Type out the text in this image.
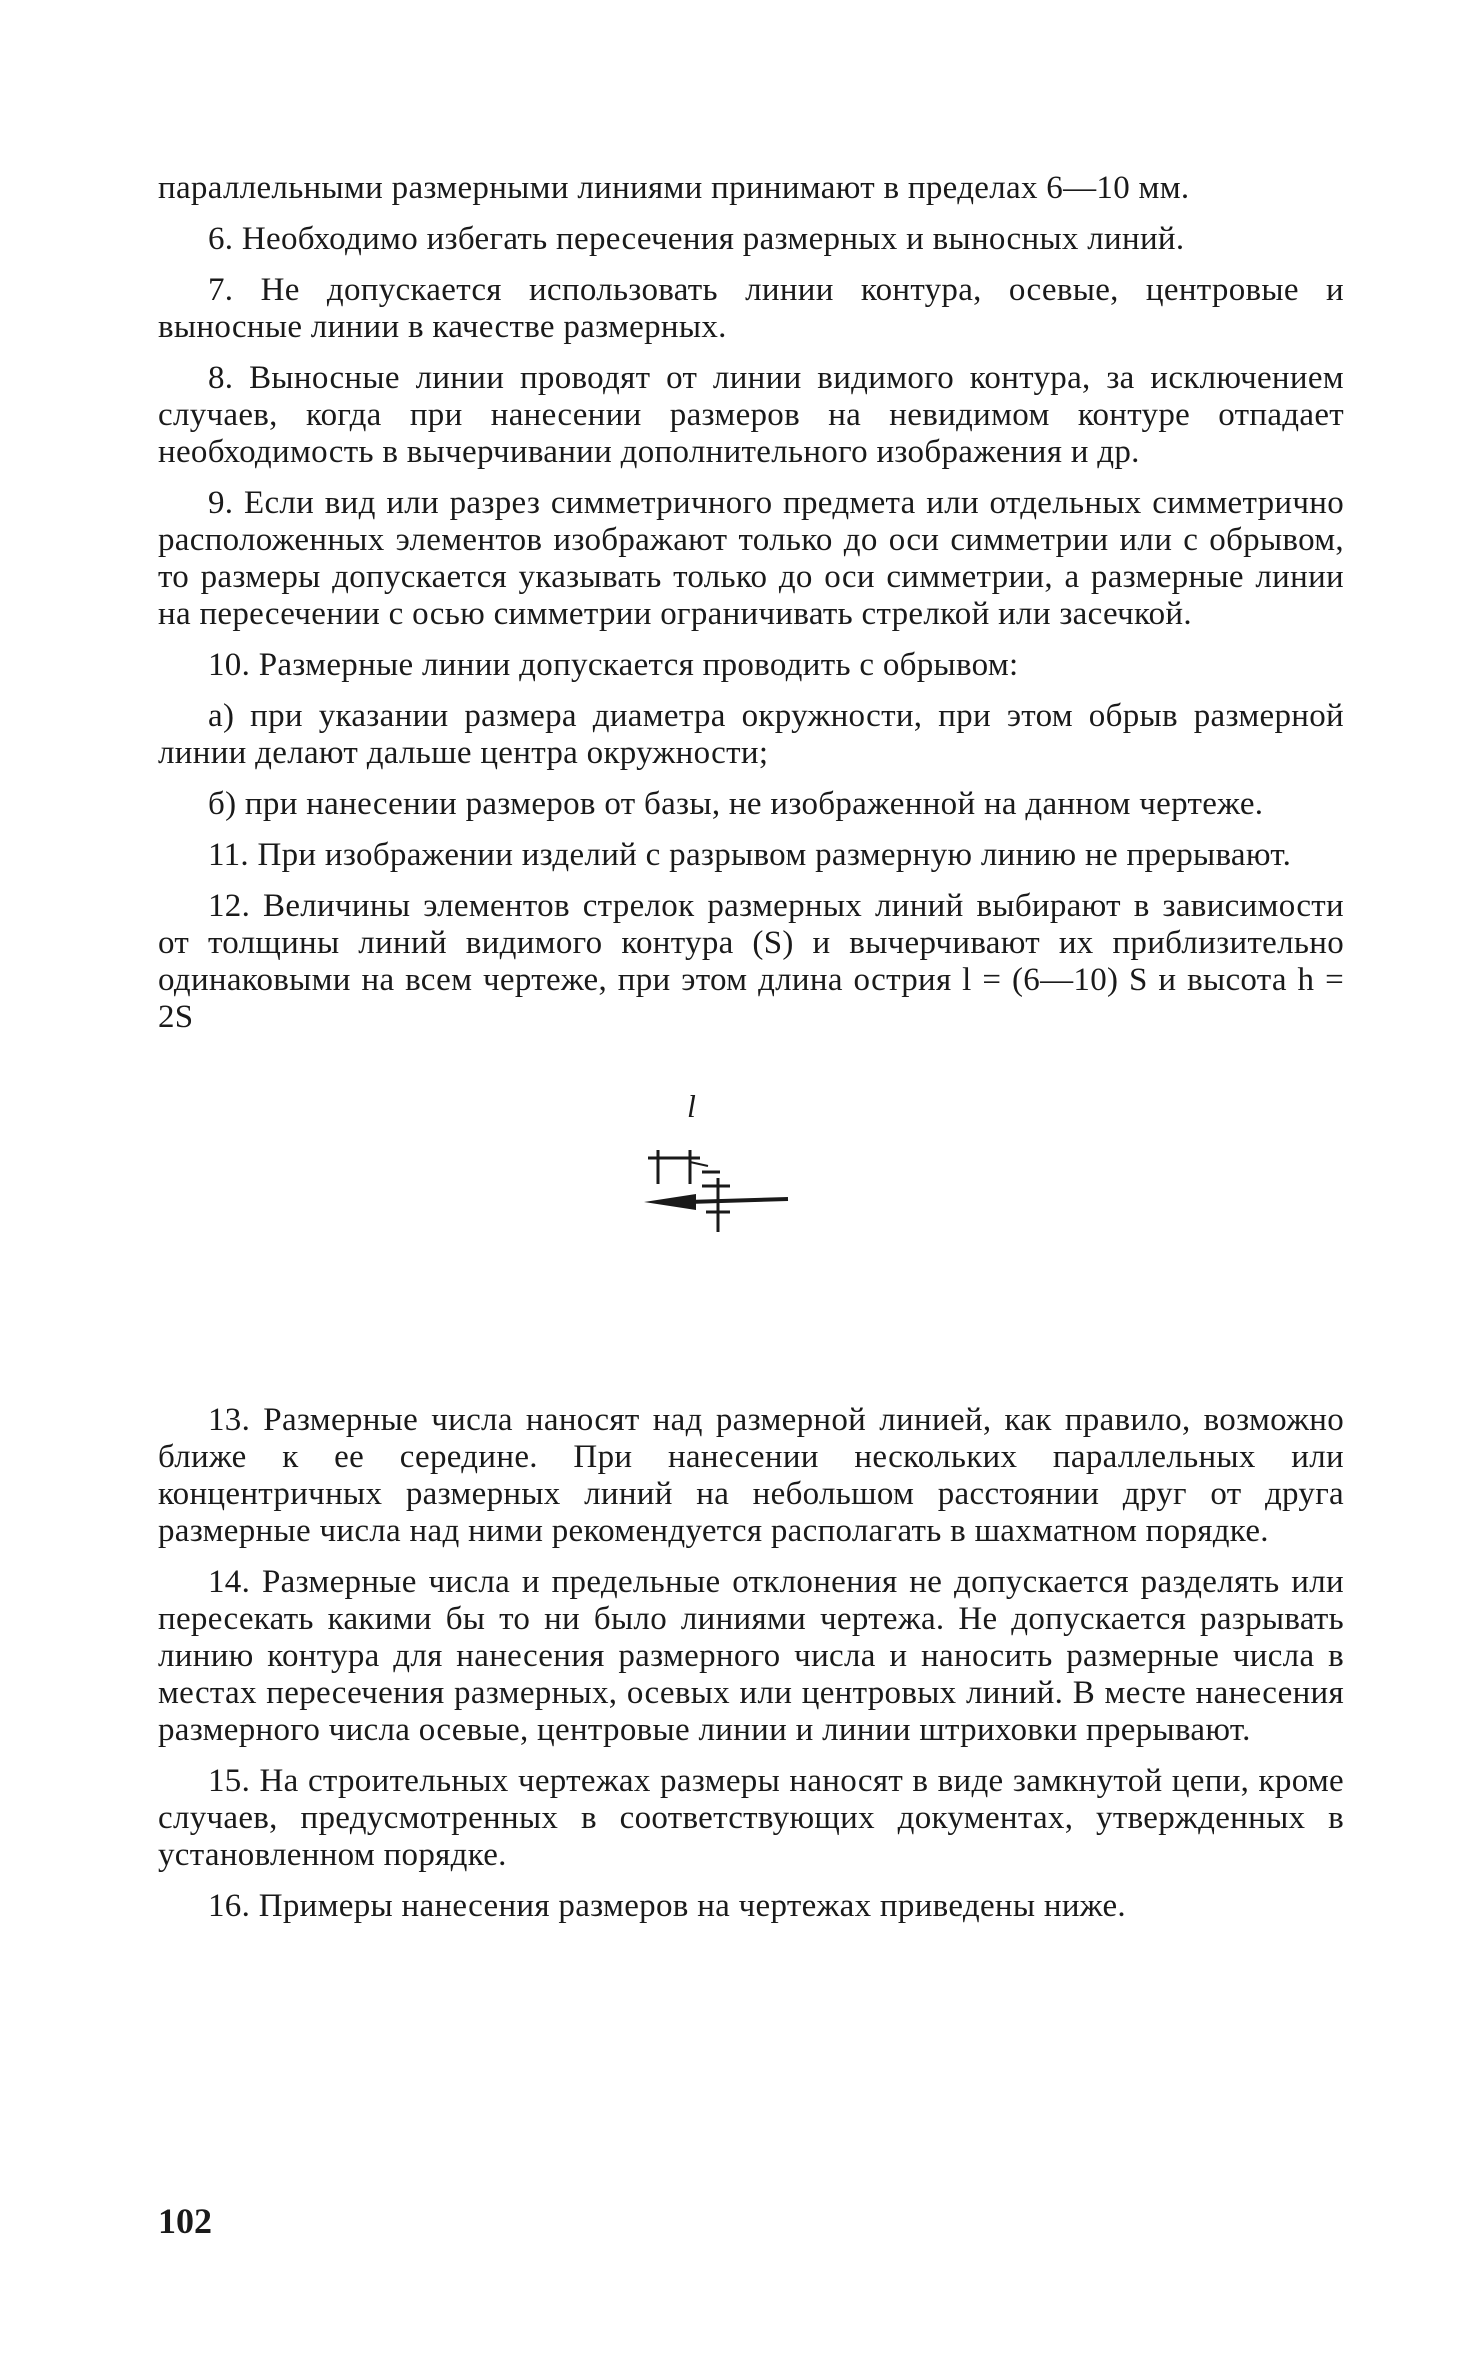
параллельными размерными линиями принимают в пределах 6—10 мм.

6. Необходимо избегать пересечения размерных и выносных линий.

7. Не допускается использовать линии контура, осевые, центровые и выносные линии в качестве размерных.

8. Выносные линии проводят от линии видимого контура, за исключением случаев, когда при нанесении размеров на невидимом контуре отпадает необходимость в вычерчивании дополнительного изображения и др.

9. Если вид или разрез симметричного предмета или отдельных симметрично расположенных элементов изображают только до оси симметрии или с обрывом, то размеры допускается указывать только до оси симметрии, а размерные линии на пересечении с осью симметрии ограничивать стрелкой или засечкой.

10. Размерные линии допускается проводить с обрывом:

а) при указании размера диаметра окружности, при этом обрыв размерной линии делают дальше центра окружности;

б) при нанесении размеров от базы, не изображенной на данном чертеже.

11. При изображении изделий с разрывом размерную линию не прерывают.

12. Величины элементов стрелок размерных линий выбирают в зависимости от толщины линий видимого контура (S) и вычерчивают их приблизительно одинаковыми на всем чертеже, при этом длина острия l = (6—10) S и высота h = 2S

l

13. Размерные числа наносят над размерной линией, как правило, возможно ближе к ее середине. При нанесении нескольких параллельных или концентричных размерных линий на небольшом расстоянии друг от друга размерные числа над ними рекомендуется располагать в шахматном порядке.

14. Размерные числа и предельные отклонения не допускается разделять или пересекать какими бы то ни было линиями чертежа. Не допускается разрывать линию контура для нанесения размерного числа и наносить размерные числа в местах пересечения размерных, осевых или центровых линий. В месте нанесения размерного числа осевые, центровые линии и линии штриховки прерывают.

15. На строительных чертежах размеры наносят в виде замкнутой цепи, кроме случаев, предусмотренных в соответствующих документах, утвержденных в установленном порядке.

16. Примеры нанесения размеров на чертежах приведены ниже.

102
